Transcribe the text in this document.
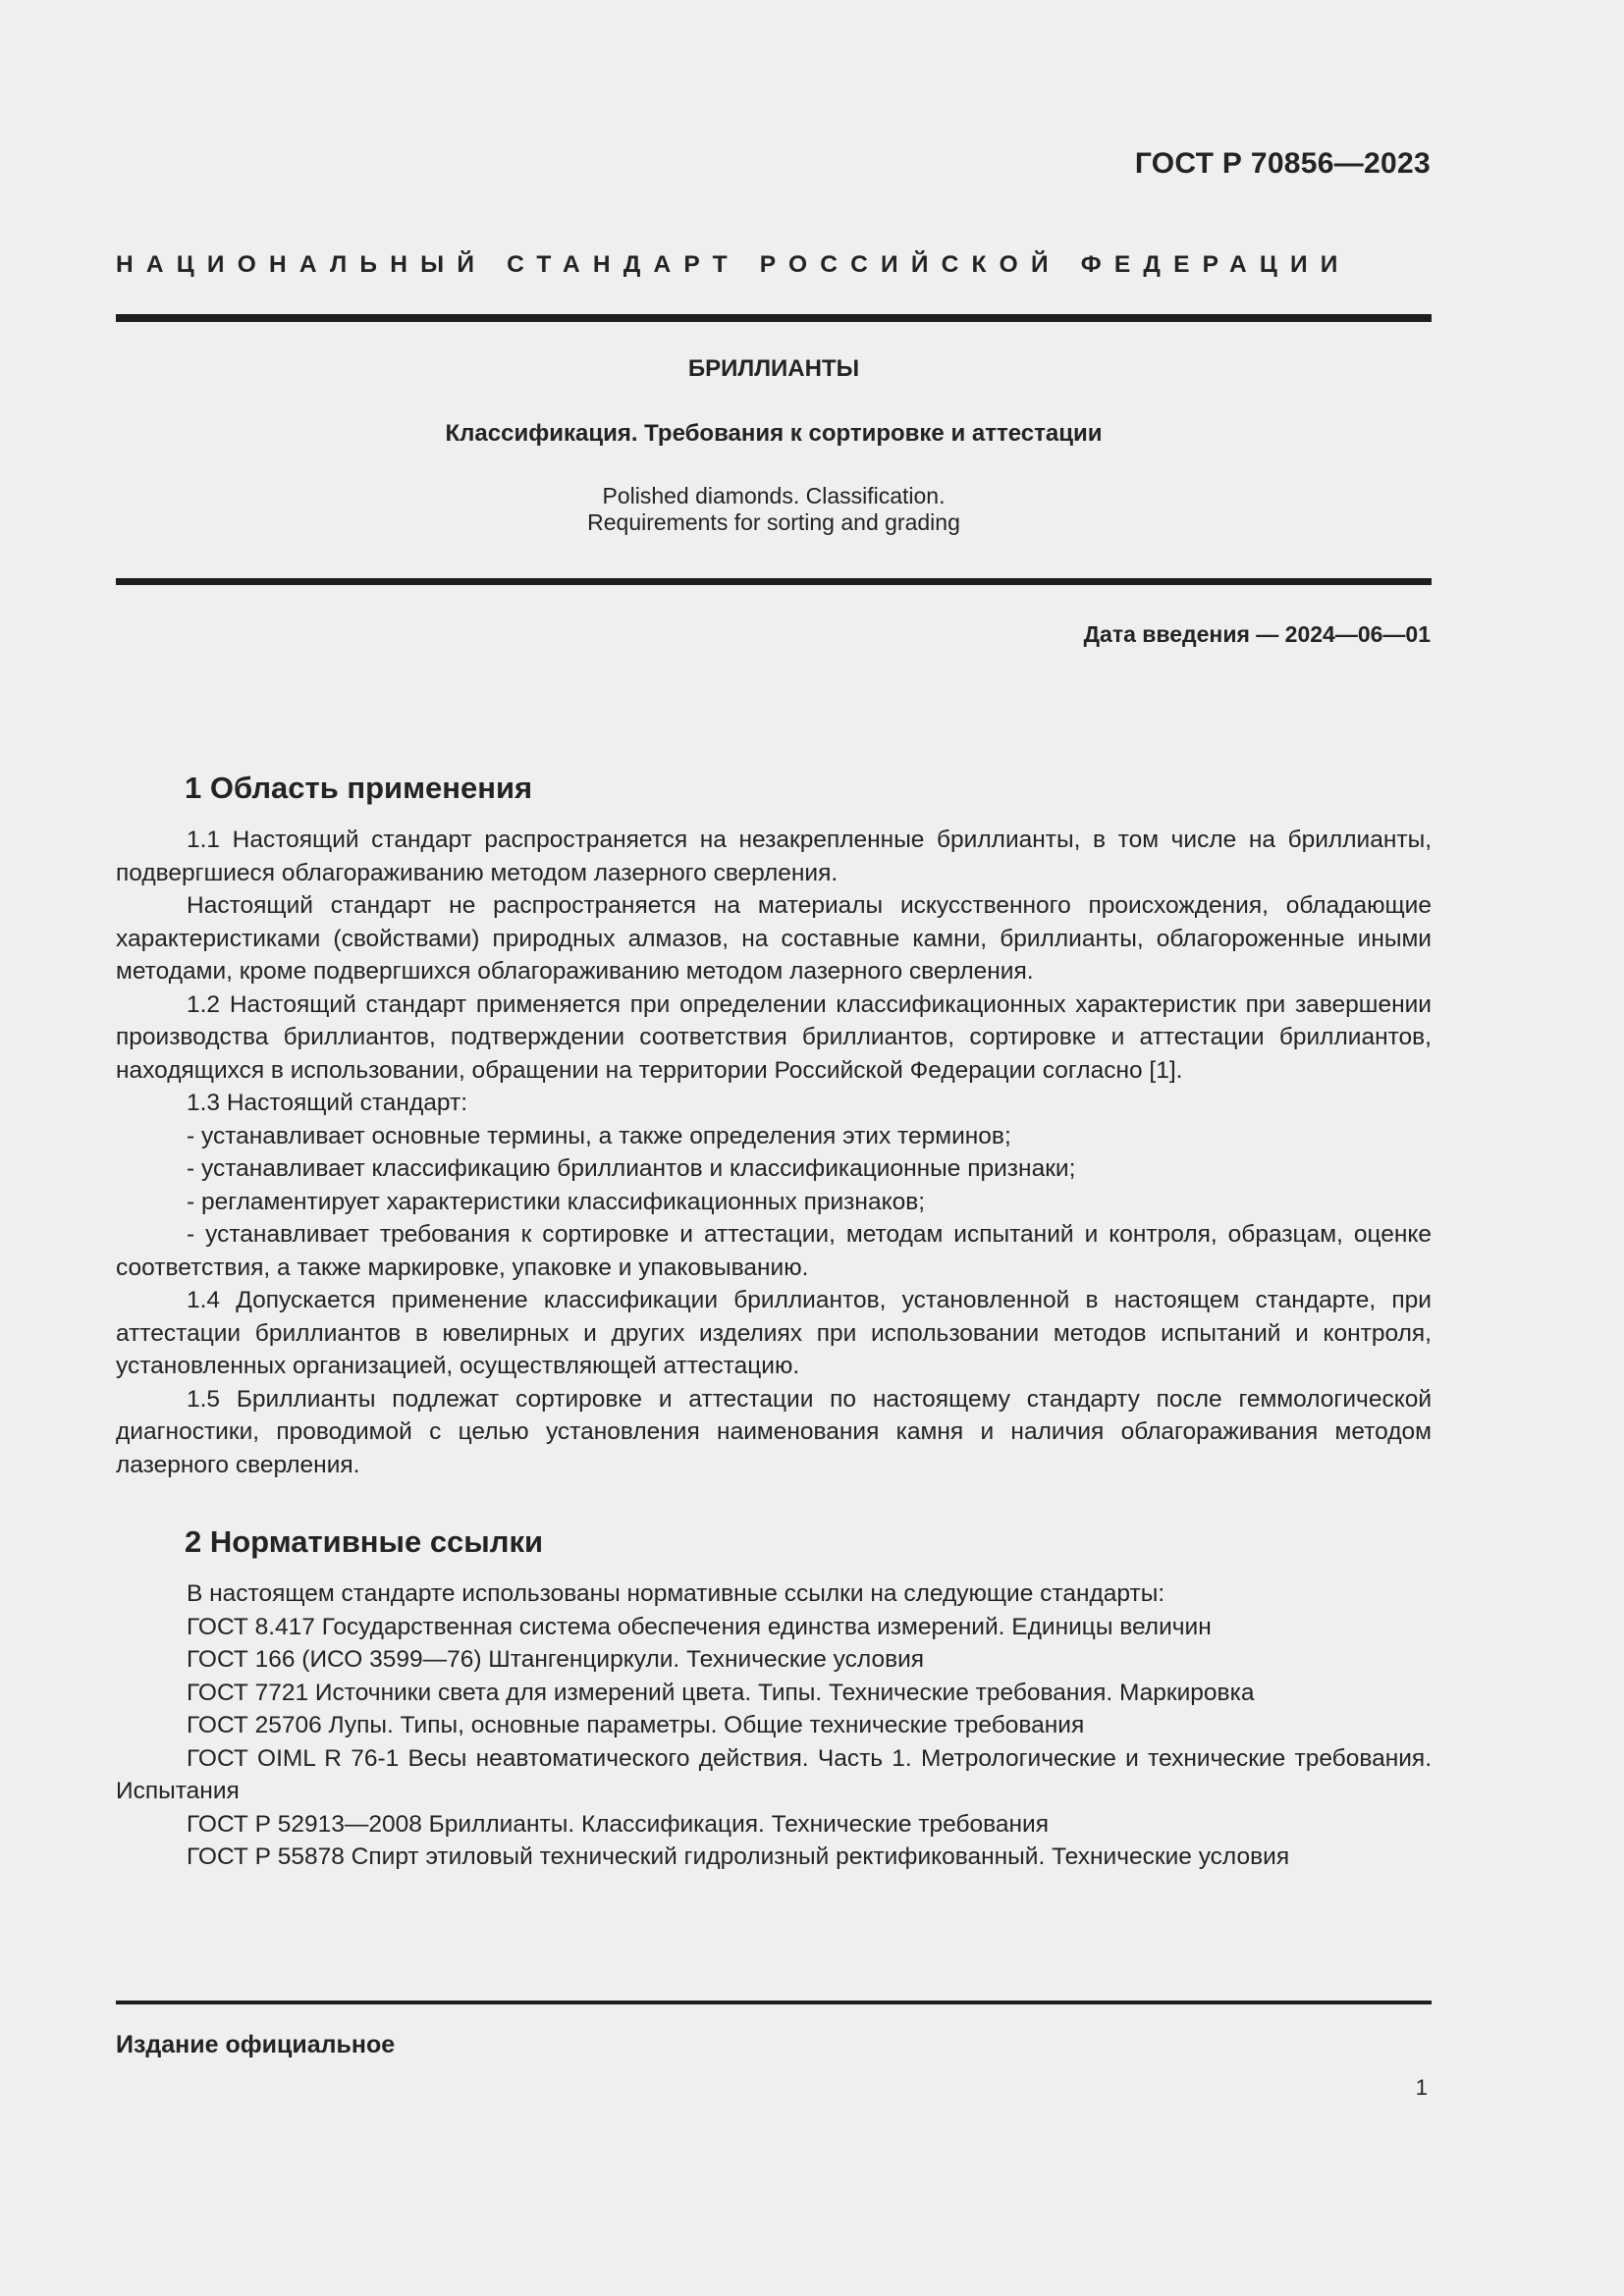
ГОСТ Р 70856—2023
НАЦИОНАЛЬНЫЙ СТАНДАРТ РОССИЙСКОЙ ФЕДЕРАЦИИ
БРИЛЛИАНТЫ
Классификация. Требования к сортировке и аттестации
Polished diamonds. Classification.
Requirements for sorting and grading
Дата введения — 2024—06—01
1 Область применения

1.1 Настоящий стандарт распространяется на незакрепленные бриллианты, в том числе на бриллианты, подвергшиеся облагораживанию методом лазерного сверления.

Настоящий стандарт не распространяется на материалы искусственного происхождения, обладающие характеристиками (свойствами) природных алмазов, на составные камни, бриллианты, облагороженные иными методами, кроме подвергшихся облагораживанию методом лазерного сверления.

1.2 Настоящий стандарт применяется при определении классификационных характеристик при завершении производства бриллиантов, подтверждении соответствия бриллиантов, сортировке и аттестации бриллиантов, находящихся в использовании, обращении на территории Российской Федерации согласно [1].

1.3 Настоящий стандарт:

- устанавливает основные термины, а также определения этих терминов;

- устанавливает классификацию бриллиантов и классификационные признаки;

- регламентирует характеристики классификационных признаков;

- устанавливает требования к сортировке и аттестации, методам испытаний и контроля, образцам, оценке соответствия, а также маркировке, упаковке и упаковыванию.

1.4 Допускается применение классификации бриллиантов, установленной в настоящем стандарте, при аттестации бриллиантов в ювелирных и других изделиях при использовании методов испытаний и контроля, установленных организацией, осуществляющей аттестацию.

1.5 Бриллианты подлежат сортировке и аттестации по настоящему стандарту после геммологической диагностики, проводимой с целью установления наименования камня и наличия облагораживания методом лазерного сверления.

2 Нормативные ссылки

В настоящем стандарте использованы нормативные ссылки на следующие стандарты:

ГОСТ 8.417 Государственная система обеспечения единства измерений. Единицы величин

ГОСТ 166 (ИСО 3599—76) Штангенциркули. Технические условия

ГОСТ 7721 Источники света для измерений цвета. Типы. Технические требования. Маркировка

ГОСТ 25706 Лупы. Типы, основные параметры. Общие технические требования

ГОСТ OIML R 76-1 Весы неавтоматического действия. Часть 1. Метрологические и технические требования. Испытания

ГОСТ Р 52913—2008 Бриллианты. Классификация. Технические требования

ГОСТ Р 55878 Спирт этиловый технический гидролизный ректификованный. Технические условия

Издание официальное
1
